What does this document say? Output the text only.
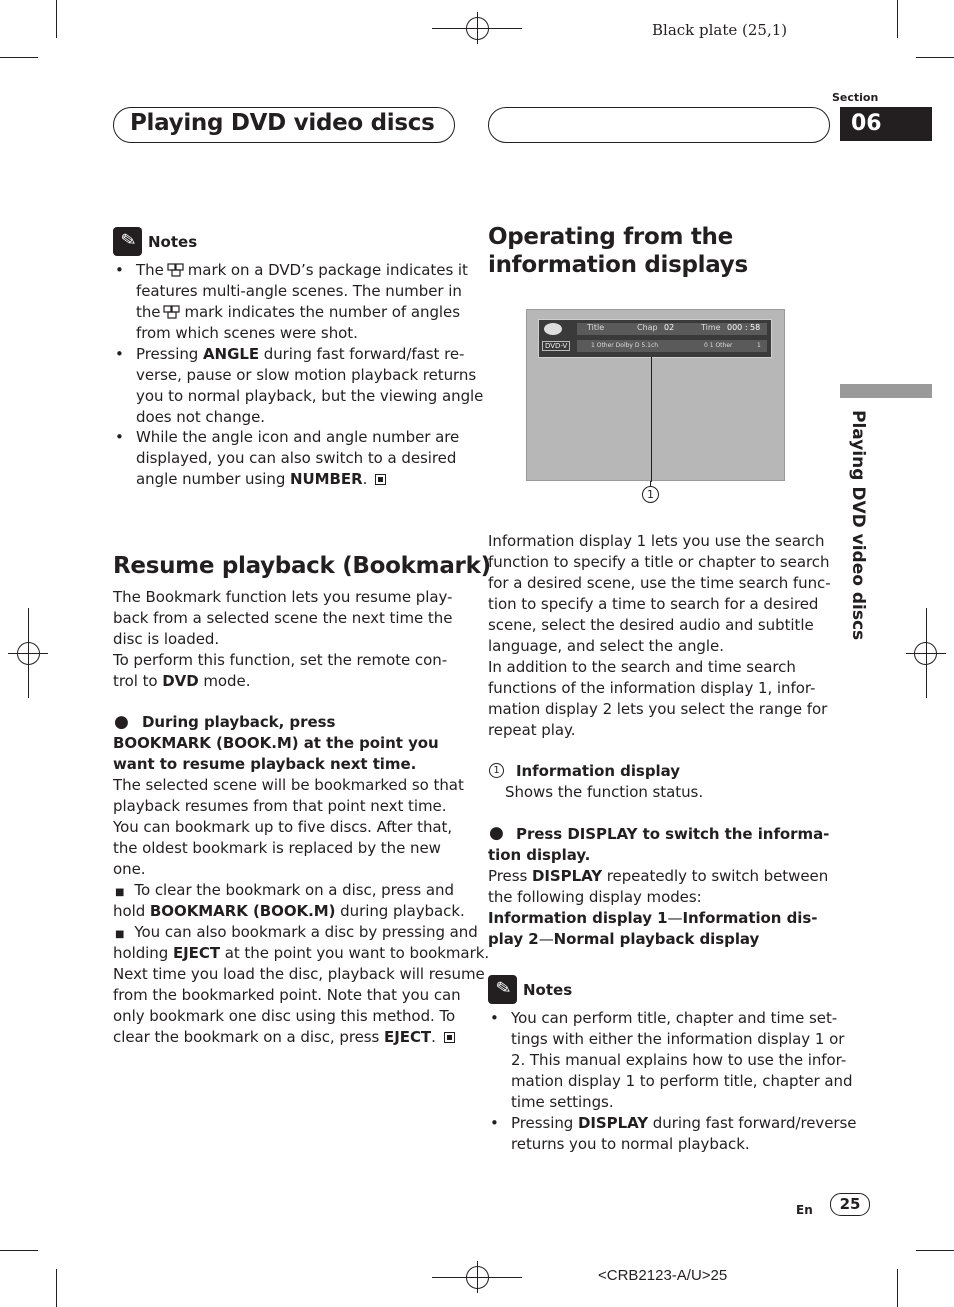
Black plate (25,1)
Playing DVD video discs
Section
06
Playing DVD video discs
✎ Notes
• The mark on a DVD’s package indicates it
features multi-angle scenes. The number in
the mark indicates the number of angles
from which scenes were shot.
• Pressing ANGLE during fast forward/fast re-
verse, pause or slow motion playback returns
you to normal playback, but the viewing angle
does not change.
• While the angle icon and angle number are
displayed, you can also switch to a desired
angle number using NUMBER.
Resume playback (Bookmark)
The Bookmark function lets you resume play-
back from a selected scene the next time the
disc is loaded.
To perform this function, set the remote con-
trol to DVD mode.
● During playback, press
BOOKMARK (BOOK.M) at the point you
want to resume playback next time.
The selected scene will be bookmarked so that
playback resumes from that point next time.
You can bookmark up to five discs. After that,
the oldest bookmark is replaced by the new
one.
■ To clear the bookmark on a disc, press and
hold BOOKMARK (BOOK.M) during playback.
■ You can also bookmark a disc by pressing and
holding EJECT at the point you want to bookmark.
Next time you load the disc, playback will resume
from the bookmarked point. Note that you can
only bookmark one disc using this method. To
clear the bookmark on a disc, press EJECT.
Operating from the
information displays
DVD-V
Title	Chap 02	Time 000 : 58
1 Other Dolby D 5.1ch	0 1 Other	1
1
Information display 1 lets you use the search
function to specify a title or chapter to search
for a desired scene, use the time search func-
tion to specify a time to search for a desired
scene, select the desired audio and subtitle
language, and select the angle.
In addition to the search and time search
functions of the information display 1, infor-
mation display 2 lets you select the range for
repeat play.
1 Information display
Shows the function status.
● Press DISPLAY to switch the informa-
tion display.
Press DISPLAY repeatedly to switch between
the following display modes:
Information display 1—Information dis-
play 2—Normal playback display
✎ Notes
• You can perform title, chapter and time set-
tings with either the information display 1 or
2. This manual explains how to use the infor-
mation display 1 to perform title, chapter and
time settings.
• Pressing DISPLAY during fast forward/reverse
returns you to normal playback.
En	25
<CRB2123-A/U>25
